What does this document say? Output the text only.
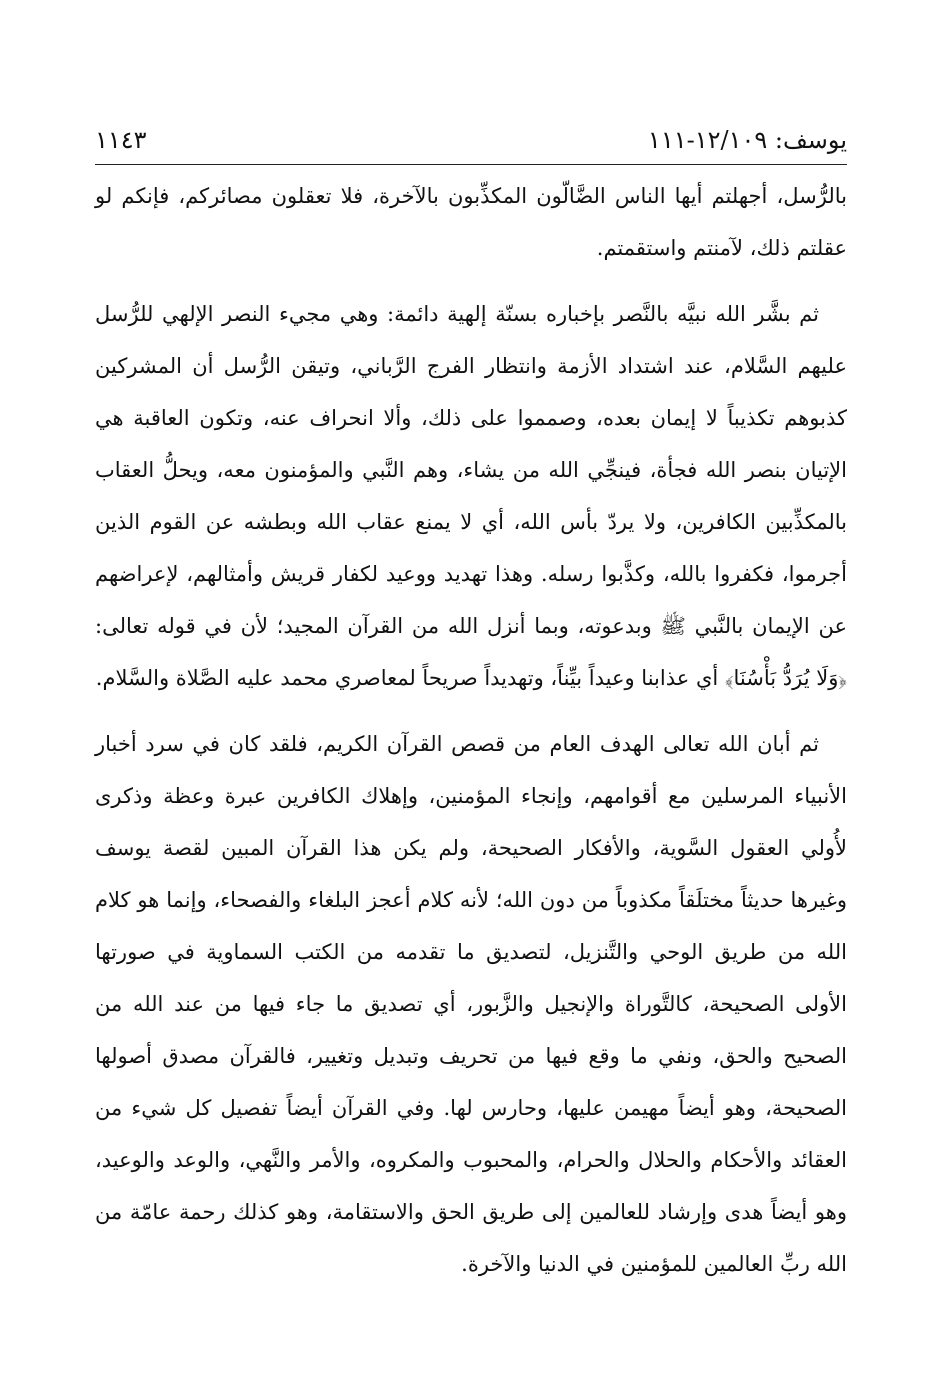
يوسف: ١٢/١٠٩-١١١
١١٤٣

بالرُّسل، أجهلتم أيها الناس الضَّالّون المكذِّبون بالآخرة، فلا تعقلون مصائركم، فإنكم لو عقلتم ذلك، لآمنتم واستقمتم.

ثم بشَّر الله نبيَّه بالنَّصر بإخباره بسنّة إلهية دائمة: وهي مجيء النصر الإلهي للرُّسل عليهم السَّلام، عند اشتداد الأزمة وانتظار الفرج الرَّباني، وتيقن الرُّسل أن المشركين كذبوهم تكذيباً لا إيمان بعده، وصمموا على ذلك، وألا انحراف عنه، وتكون العاقبة هي الإتيان بنصر الله فجأة، فينجِّي الله من يشاء، وهم النَّبي والمؤمنون معه، ويحلُّ العقاب بالمكذِّبين الكافرين، ولا يردّ بأس الله، أي لا يمنع عقاب الله وبطشه عن القوم الذين أجرموا، فكفروا بالله، وكذَّبوا رسله. وهذا تهديد ووعيد لكفار قريش وأمثالهم، لإعراضهم عن الإيمان بالنَّبي ﷺ وبدعوته، وبما أنزل الله من القرآن المجيد؛ لأن في قوله تعالى: ﴿وَلَا يُرَدُّ بَأْسُنَا﴾ أي عذابنا وعيداً بيِّناً، وتهديداً صريحاً لمعاصري محمد عليه الصَّلاة والسَّلام.

ثم أبان الله تعالى الهدف العام من قصص القرآن الكريم، فلقد كان في سرد أخبار الأنبياء المرسلين مع أقوامهم، وإنجاء المؤمنين، وإهلاك الكافرين عبرة وعظة وذكرى لأُولي العقول السَّوية، والأفكار الصحيحة، ولم يكن هذا القرآن المبين لقصة يوسف وغيرها حديثاً مختلَقاً مكذوباً من دون الله؛ لأنه كلام أعجز البلغاء والفصحاء، وإنما هو كلام الله من طريق الوحي والتَّنزيل، لتصديق ما تقدمه من الكتب السماوية في صورتها الأولى الصحيحة، كالتَّوراة والإنجيل والزَّبور، أي تصديق ما جاء فيها من عند الله من الصحيح والحق، ونفي ما وقع فيها من تحريف وتبديل وتغيير، فالقرآن مصدق أصولها الصحيحة، وهو أيضاً مهيمن عليها، وحارس لها. وفي القرآن أيضاً تفصيل كل شيء من العقائد والأحكام والحلال والحرام، والمحبوب والمكروه، والأمر والنَّهي، والوعد والوعيد، وهو أيضاً هدى وإرشاد للعالمين إلى طريق الحق والاستقامة، وهو كذلك رحمة عامّة من الله ربِّ العالمين للمؤمنين في الدنيا والآخرة.
